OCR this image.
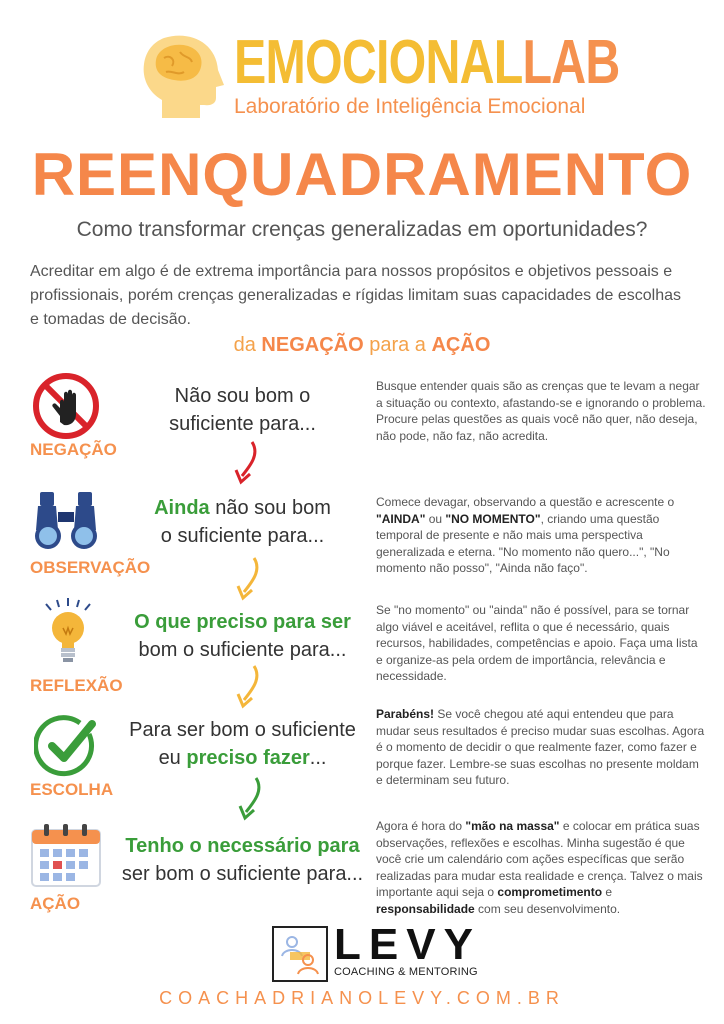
EMOCIONALLAB
Laboratório de Inteligência Emocional
REENQUADRAMENTO
Como transformar crenças generalizadas em oportunidades?
Acreditar em algo é de extrema importância para nossos propósitos e objetivos pessoais e profissionais, porém crenças generalizadas e rígidas limitam suas capacidades de escolhas e tomadas de decisão.
da NEGAÇÃO para a AÇÃO
NEGAÇÃO
Não sou bom o
suficiente para...
Busque entender quais são as crenças que te levam a negar a situação ou contexto, afastando-se e ignorando o problema. Procure pelas questões as quais você não quer, não deseja, não pode, não faz, não acredita.
OBSERVAÇÃO
Ainda não sou bom
o suficiente para...
Comece devagar, observando a questão e acrescente o "AINDA" ou "NO MOMENTO", criando uma questão temporal de presente e não mais uma perspectiva generalizada e eterna. "No momento não quero...", "No momento não posso", "Ainda não faço".
REFLEXÃO
O que preciso para ser
bom o suficiente para...
Se "no momento" ou "ainda" não é possível, para se tornar algo viável e aceitável, reflita o que é necessário, quais recursos, habilidades, competências e apoio. Faça uma lista e organize-as pela ordem de importância, relevância e necessidade.
ESCOLHA
Para ser bom o suficiente
eu preciso fazer...
Parabéns! Se você chegou até aqui entendeu que para mudar seus resultados é preciso mudar suas escolhas. Agora é o momento de decidir o que realmente fazer, como fazer e porque fazer. Lembre-se suas escolhas no presente moldam e determinam seu futuro.
AÇÃO
Tenho o necessário para
ser bom o suficiente para...
Agora é hora do "mão na massa" e colocar em prática suas observações, reflexões e escolhas. Minha sugestão é que você crie um calendário com ações específicas que serão realizadas para mudar esta realidade e crença. Talvez o mais importante aqui seja o comprometimento e responsabilidade com seu desenvolvimento.
LEVY
COACHING & MENTORING
COACHADRIANOLEVY.COM.BR
